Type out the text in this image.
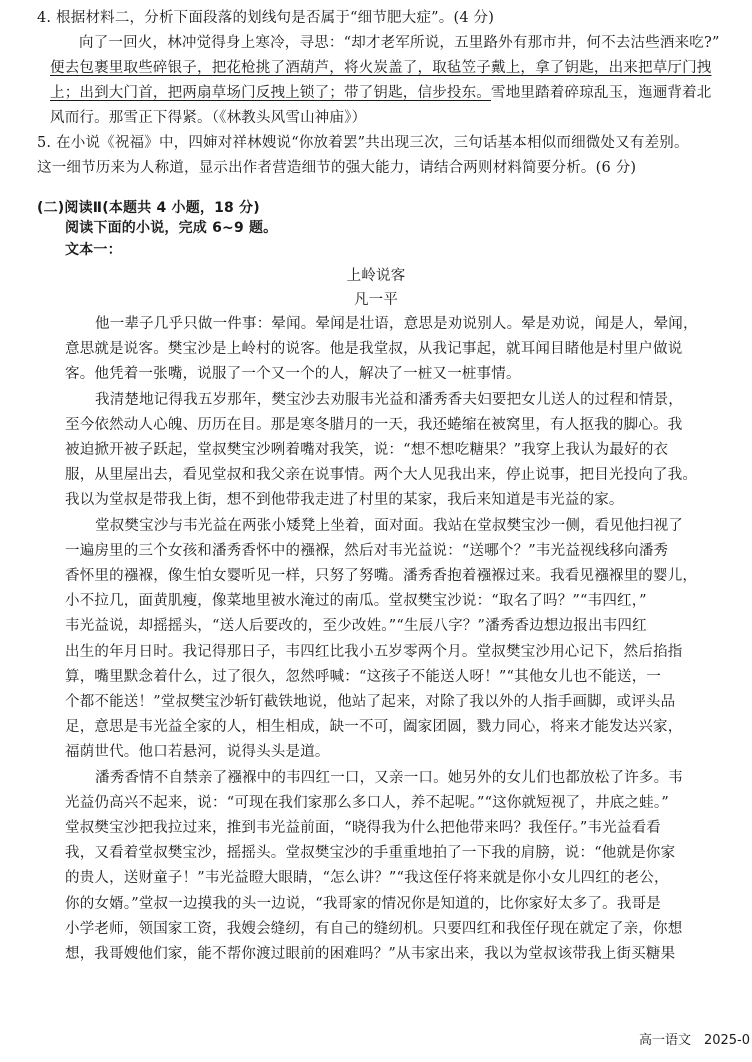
4. 根据材料二，分析下面段落的划线句是否属于“细节肥大症”。(4 分)
向了一回火，林冲觉得身上寒冷，寻思：“却才老军所说，五里路外有那市井，何不去沽些酒来吃?”
便去包裹里取些碎银子，把花枪挑了酒葫芦，将火炭盖了，取毡笠子戴上，拿了钥匙，出来把草厅门拽
上；出到大门首，把两扇草场门反拽上锁了；带了钥匙，信步投东。雪地里踏着碎琼乱玉，迤逦背着北
风而行。那雪正下得紧。（《林教头风雪山神庙》）
5. 在小说《祝福》中，四婶对祥林嫂说“你放着罢”共出现三次，三句话基本相似而细微处又有差别。
这一细节历来为人称道，显示出作者营造细节的强大能力，请结合两则材料简要分析。(6 分)
(二)阅读Ⅱ(本题共 4 小题，18 分)
阅读下面的小说，完成 6~9 题。
文本一：
上岭说客
凡一平
他一辈子几乎只做一件事：晕闻。晕闻是壮语，意思是劝说别人。晕是劝说，闻是人，晕闻，
意思就是说客。樊宝沙是上岭村的说客。他是我堂叔，从我记事起，就耳闻目睹他是村里户做说
客。他凭着一张嘴，说服了一个又一个的人，解决了一桩又一桩事情。
我清楚地记得我五岁那年，樊宝沙去劝服韦光益和潘秀香夫妇要把女儿送人的过程和情景，
至今依然动人心魄、历历在目。那是寒冬腊月的一天，我还蜷缩在被窝里，有人抠我的脚心。我
被迫掀开被子跃起，堂叔樊宝沙咧着嘴对我笑，说：“想不想吃糖果？”我穿上我认为最好的衣
服，从里屋出去，看见堂叔和我父亲在说事情。两个大人见我出来，停止说事，把目光投向了我。
我以为堂叔是带我上街，想不到他带我走进了村里的某家，我后来知道是韦光益的家。
堂叔樊宝沙与韦光益在两张小矮凳上坐着，面对面。我站在堂叔樊宝沙一侧，看见他扫视了
一遍房里的三个女孩和潘秀香怀中的襁褓，然后对韦光益说：“送哪个？”韦光益视线移向潘秀
香怀里的襁褓，像生怕女婴听见一样，只努了努嘴。潘秀香抱着襁褓过来。我看见襁褓里的婴儿，
小不拉几，面黄肌瘦，像菜地里被水淹过的南瓜。堂叔樊宝沙说：“取名了吗？”“韦四红，”
韦光益说，却摇摇头，“送人后要改的，至少改姓。”“生辰八字？”潘秀香边想边报出韦四红
出生的年月日时。我记得那日子，韦四红比我小五岁零两个月。堂叔樊宝沙用心记下，然后掐指
算，嘴里默念着什么，过了很久，忽然呼喊：“这孩子不能送人呀！”“其他女儿也不能送，一
个都不能送！”堂叔樊宝沙斩钉截铁地说，他站了起来，对除了我以外的人指手画脚，或评头品
足，意思是韦光益全家的人，相生相成，缺一不可，阖家团圆，戮力同心，将来才能发达兴家，
福荫世代。他口若悬河，说得头头是道。
潘秀香情不自禁亲了襁褓中的韦四红一口，又亲一口。她另外的女儿们也都放松了许多。韦
光益仍高兴不起来，说：“可现在我们家那么多口人，养不起呢。”“这你就短视了，井底之蛙。”
堂叔樊宝沙把我拉过来，推到韦光益前面，“晓得我为什么把他带来吗？我侄仔。”韦光益看看
我，又看着堂叔樊宝沙，摇摇头。堂叔樊宝沙的手重重地拍了一下我的肩膀，说：“他就是你家
的贵人，送财童子！”韦光益瞪大眼睛，“怎么讲？”“我这侄仔将来就是你小女儿四红的老公，
你的女婿。”堂叔一边摸我的头一边说，“我哥家的情况你是知道的，比你家好太多了。我哥是
小学老师，领国家工资，我嫂会缝纫，有自己的缝纫机。只要四红和我侄仔现在就定了亲，你想
想，我哥嫂他们家，能不帮你渡过眼前的困难吗？”从韦家出来，我以为堂叔该带我上街买糖果
高一语文　2025-0
